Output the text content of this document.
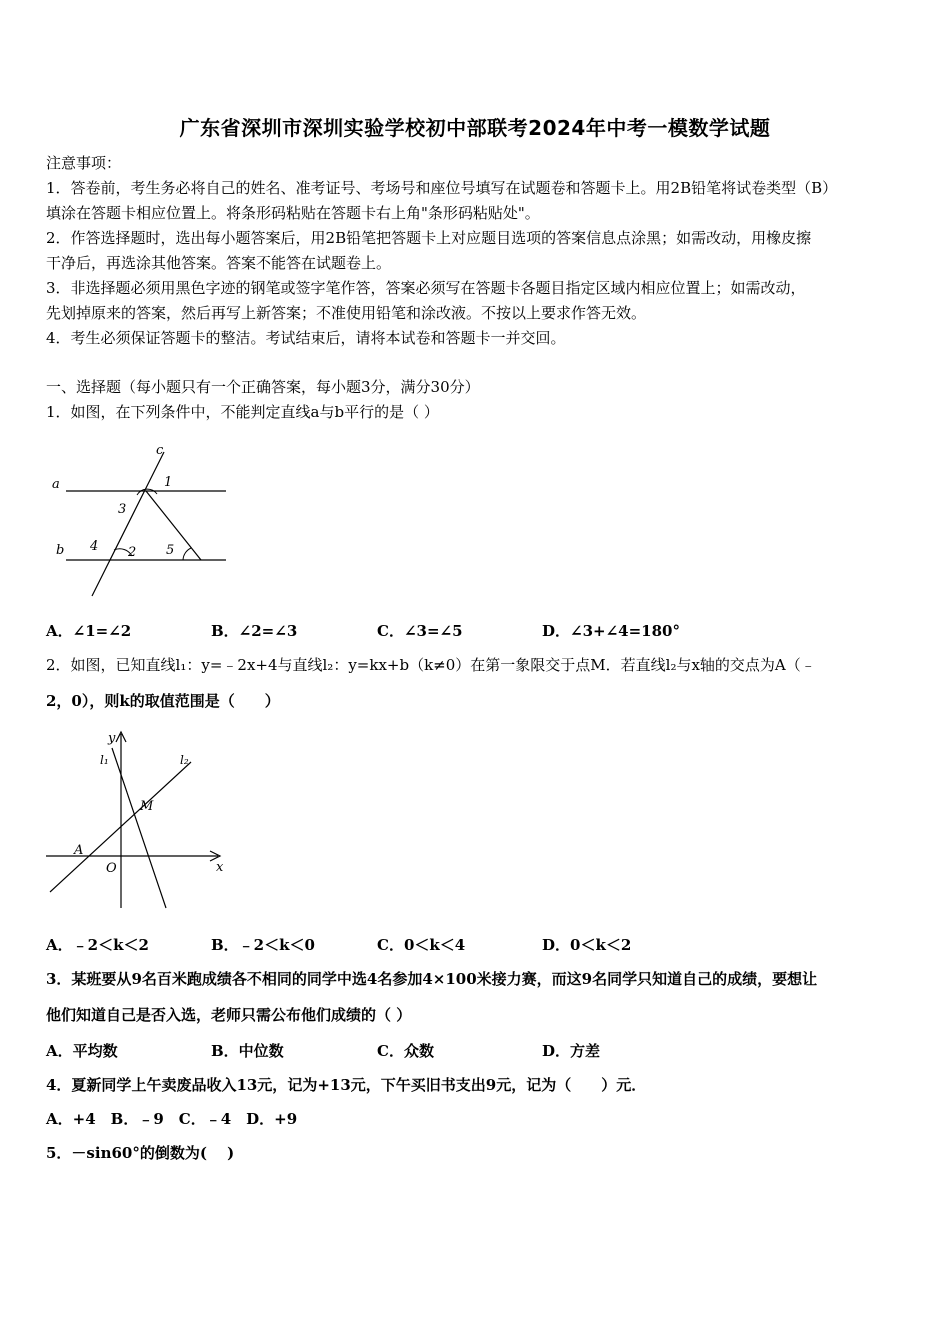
广东省深圳市深圳实验学校初中部联考2024年中考一模数学试题
注意事项：
1．答卷前，考生务必将自己的姓名、准考证号、考场号和座位号填写在试题卷和答题卡上。用2B铅笔将试卷类型（B）
填涂在答题卡相应位置上。将条形码粘贴在答题卡右上角"条形码粘贴处"。
2．作答选择题时，选出每小题答案后，用2B铅笔把答题卡上对应题目选项的答案信息点涂黑；如需改动，用橡皮擦
干净后，再选涂其他答案。答案不能答在试题卷上。
3．非选择题必须用黑色字迹的钢笔或签字笔作答，答案必须写在答题卡各题目指定区域内相应位置上；如需改动，
先划掉原来的答案，然后再写上新答案；不准使用铅笔和涂改液。不按以上要求作答无效。
4．考生必须保证答题卡的整洁。考试结束后，请将本试卷和答题卡一并交回。
一、选择题（每小题只有一个正确答案，每小题3分，满分30分）
1．如图，在下列条件中，不能判定直线a与b平行的是（ ）
c
a
b
1
2
3
4	5
A．∠1=∠2	B．∠2=∠3	C．∠3=∠5	D．∠3+∠4=180°
2．如图，已知直线l₁：y=﹣2x+4与直线l₂：y=kx+b（k≠0）在第一象限交于点M．若直线l₂与x轴的交点为A（﹣
2，0），则k的取值范围是（　　）
y
x
l₁	l₂
M
A
O
A．﹣2＜k＜2	B．﹣2＜k＜0	C．0＜k＜4	D．0＜k＜2
3．某班要从9名百米跑成绩各不相同的同学中选4名参加4×100米接力赛，而这9名同学只知道自己的成绩，要想让
他们知道自己是否入选，老师只需公布他们成绩的（ ）
A．平均数	B．中位数	C．众数	D．方差
4．夏新同学上午卖废品收入13元，记为+13元，下午买旧书支出9元，记为（　　）元．
A．+4　B．﹣9　C．﹣4　D．+9
5．－sin60°的倒数为(　 )
